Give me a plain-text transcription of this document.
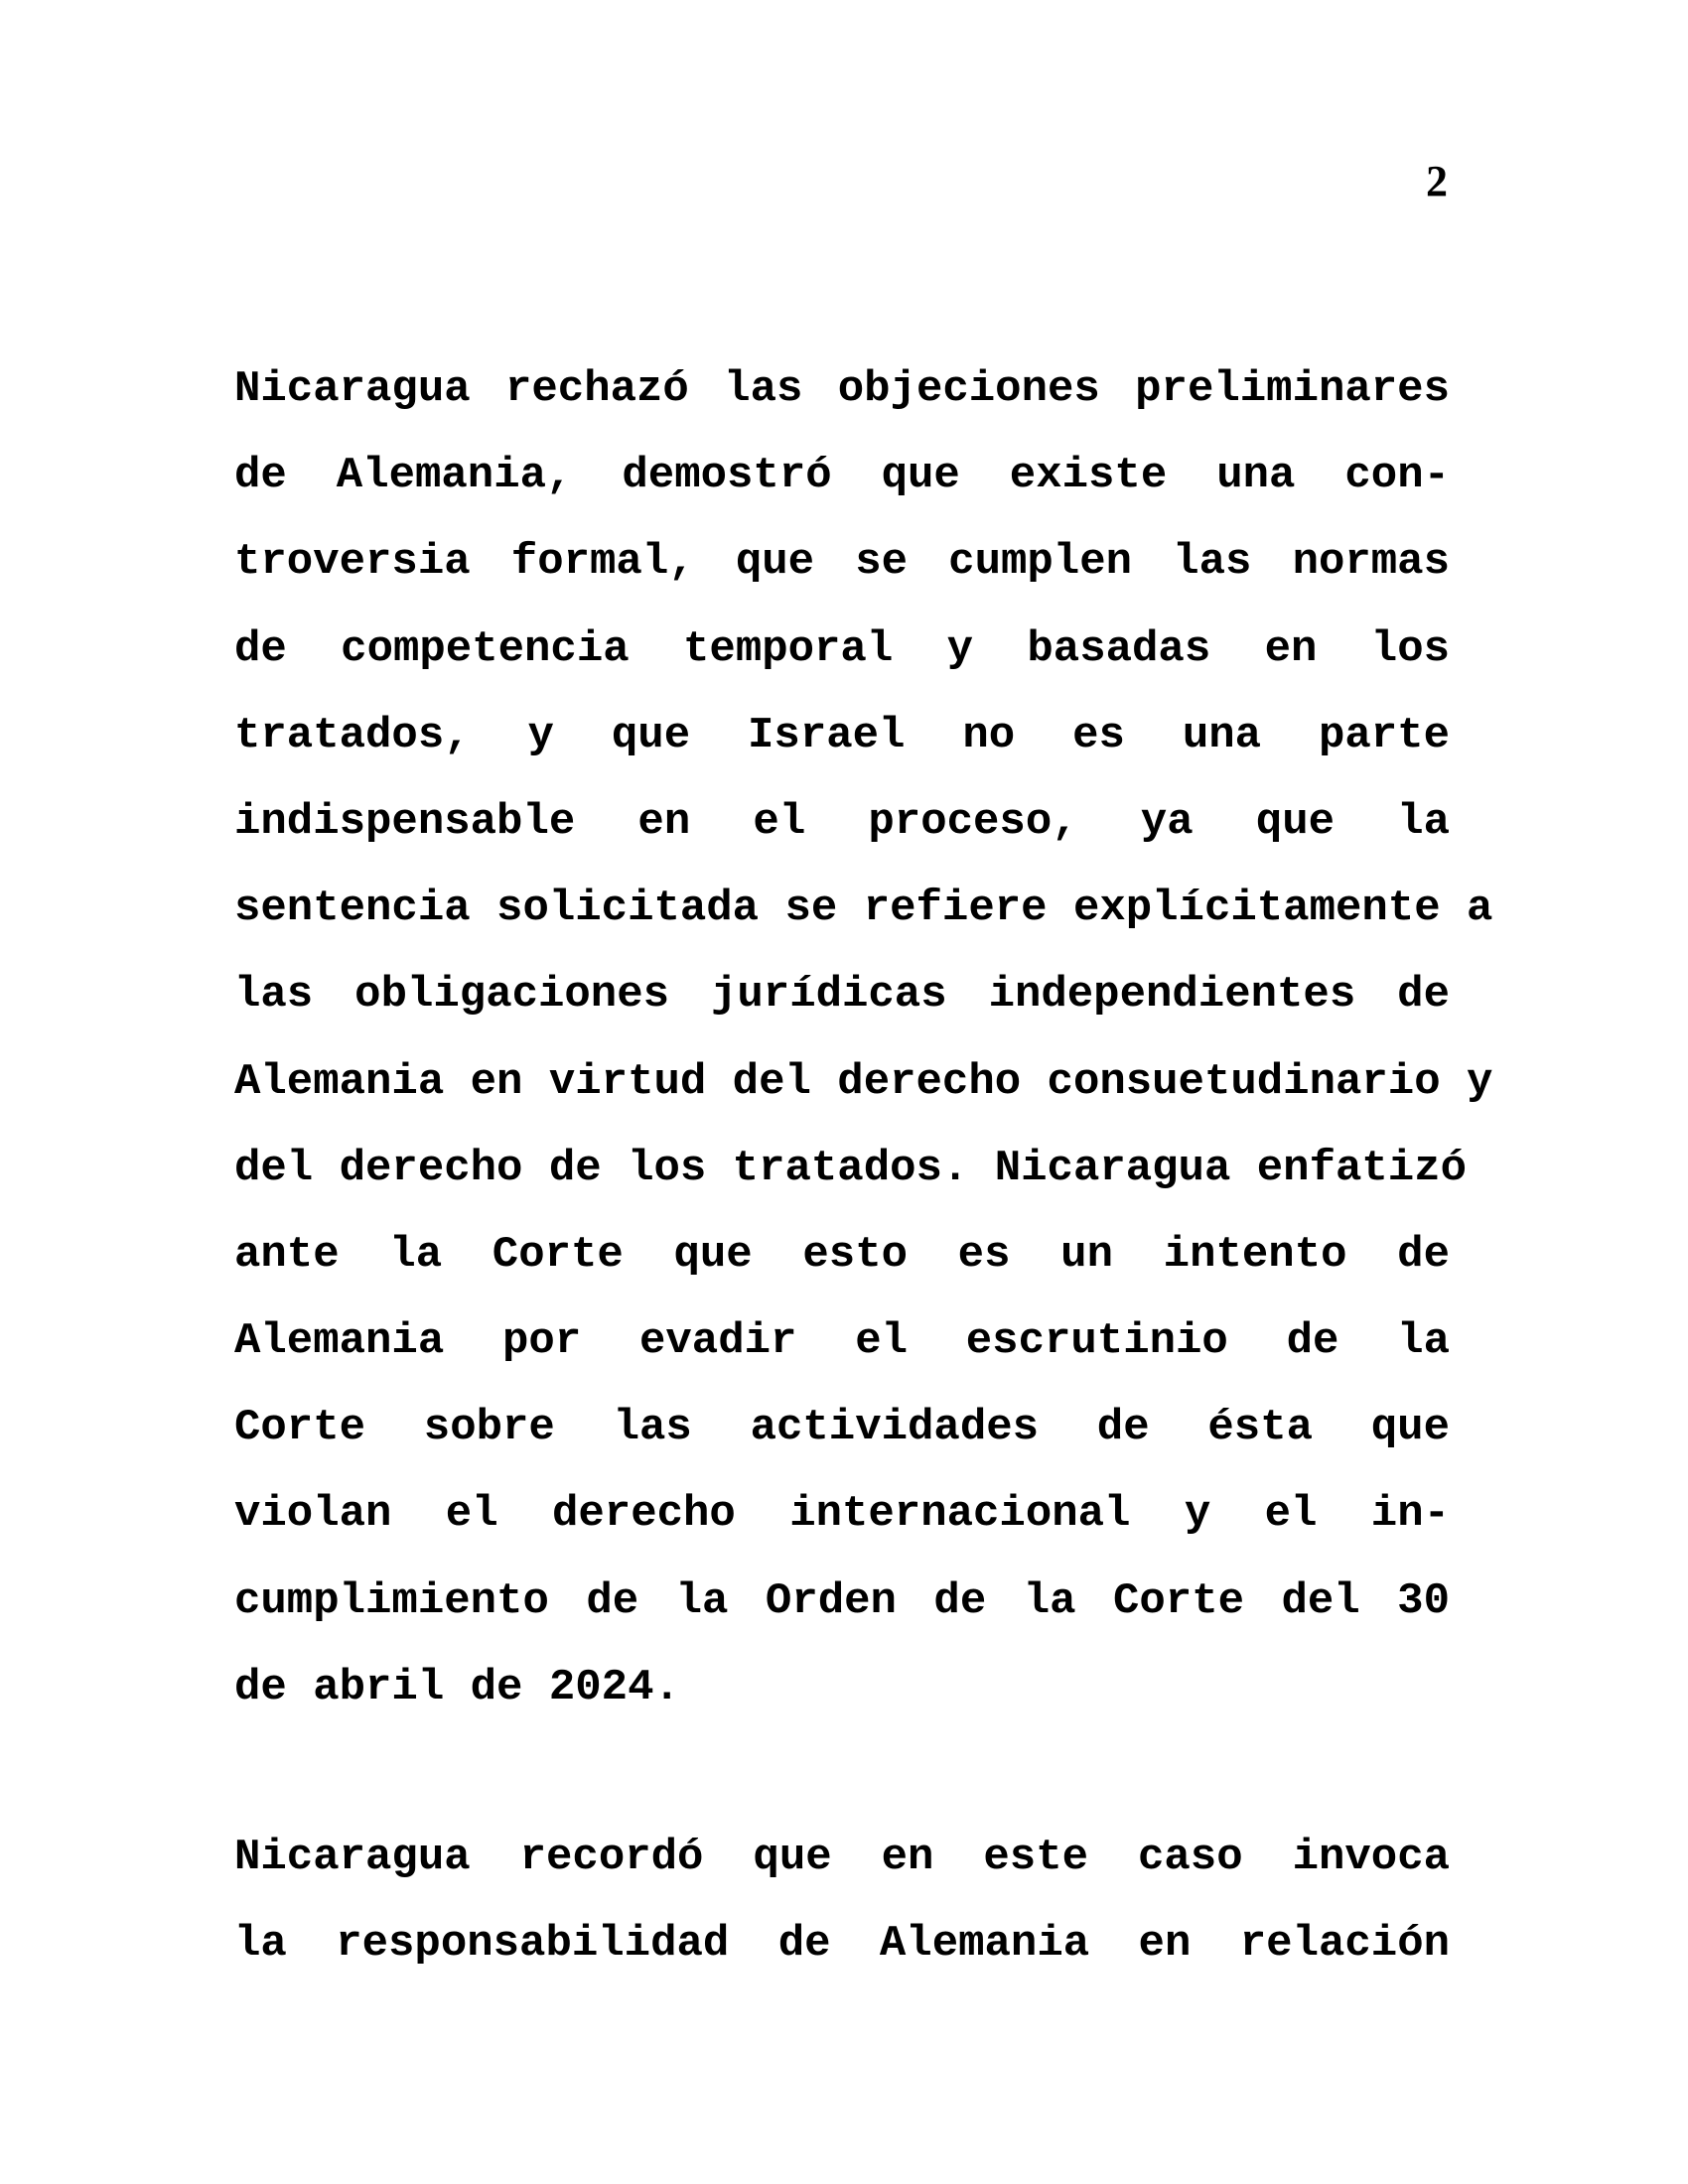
2

Nicaragua rechazó las objeciones preliminares
de Alemania, demostró que existe una con-
troversia formal, que se cumplen las normas
de competencia temporal y basadas en los
tratados, y que Israel no es una parte
indispensable en el proceso, ya que la
sentencia solicitada se refiere explícitamente a
las obligaciones jurídicas independientes de
Alemania en virtud del derecho consuetudinario y
del derecho de los tratados. Nicaragua enfatizó
ante la Corte que esto es un intento de
Alemania por evadir el escrutinio de la
Corte sobre las actividades de ésta que
violan el derecho internacional y el in-
cumplimiento de la Orden de la Corte del 30
de abril de 2024.
Nicaragua recordó que en este caso invoca
la responsabilidad de Alemania en relación
